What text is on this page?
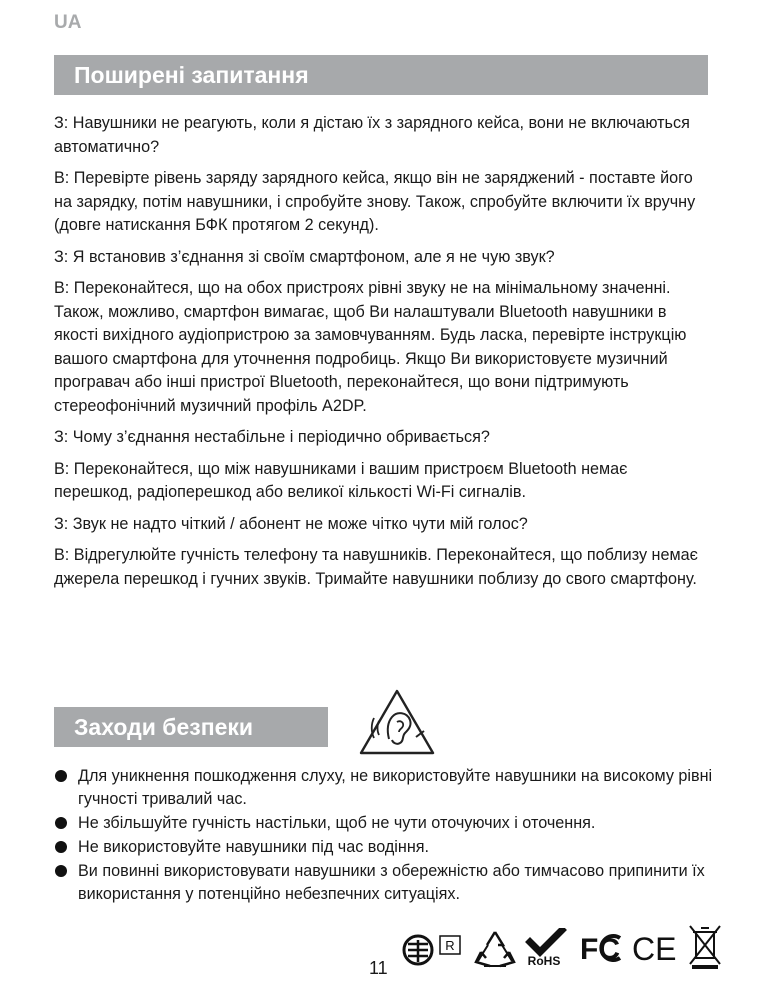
UA
Поширені запитання

З: Навушники не реагують, коли я дістаю їх з зарядного кейса, вони не включаються автоматично?

В: Перевірте рівень заряду зарядного кейса, якщо він не заряджений - поставте його на зарядку, потім навушники, і спробуйте знову. Також, спробуйте включити їх вручну (довге натискання БФК протягом 2 секунд).

З: Я встановив з’єднання зі своїм смартфоном, але я не чую звук?

В: Переконайтеся, що на обох пристроях рівні звуку не на мінімальному значенні. Також, можливо, смартфон вимагає, щоб Ви налаштували Bluetooth навушники в якості вихідного аудіопристрою за замовчуванням. Будь ласка, перевірте інструкцію вашого смартфона для уточнення подробиць. Якщо Ви використовуєте музичний програвач або інші пристрої Bluetooth, переконайтеся, що вони підтримують стереофонічний музичний профіль A2DP.

З: Чому з’єднання нестабільне і періодично обривається?

В: Переконайтеся, що між навушниками і вашим пристроєм Bluetooth немає перешкод, радіоперешкод або великої кількості Wi-Fi сигналів.

З: Звук не надто чіткий / абонент не може чітко чути мій голос?

В: Відрегулюйте гучність телефону та навушників. Переконайтеся, що поблизу немає джерела перешкод і гучних звуків. Тримайте навушники поблизу до свого смартфону.

Заходи безпеки
Для уникнення пошкодження слуху, не використовуйте навушники на високому рівні гучності тривалий час.
Не збільшуйте гучність настільки, щоб не чути оточуючих і оточення.
Не використовуйте навушники під час водіння.
Ви повинні використовувати навушники з обережністю або тимчасово припинити їх використання у потенційно небезпечних ситуаціях.
11
R
RoHS FC CE
